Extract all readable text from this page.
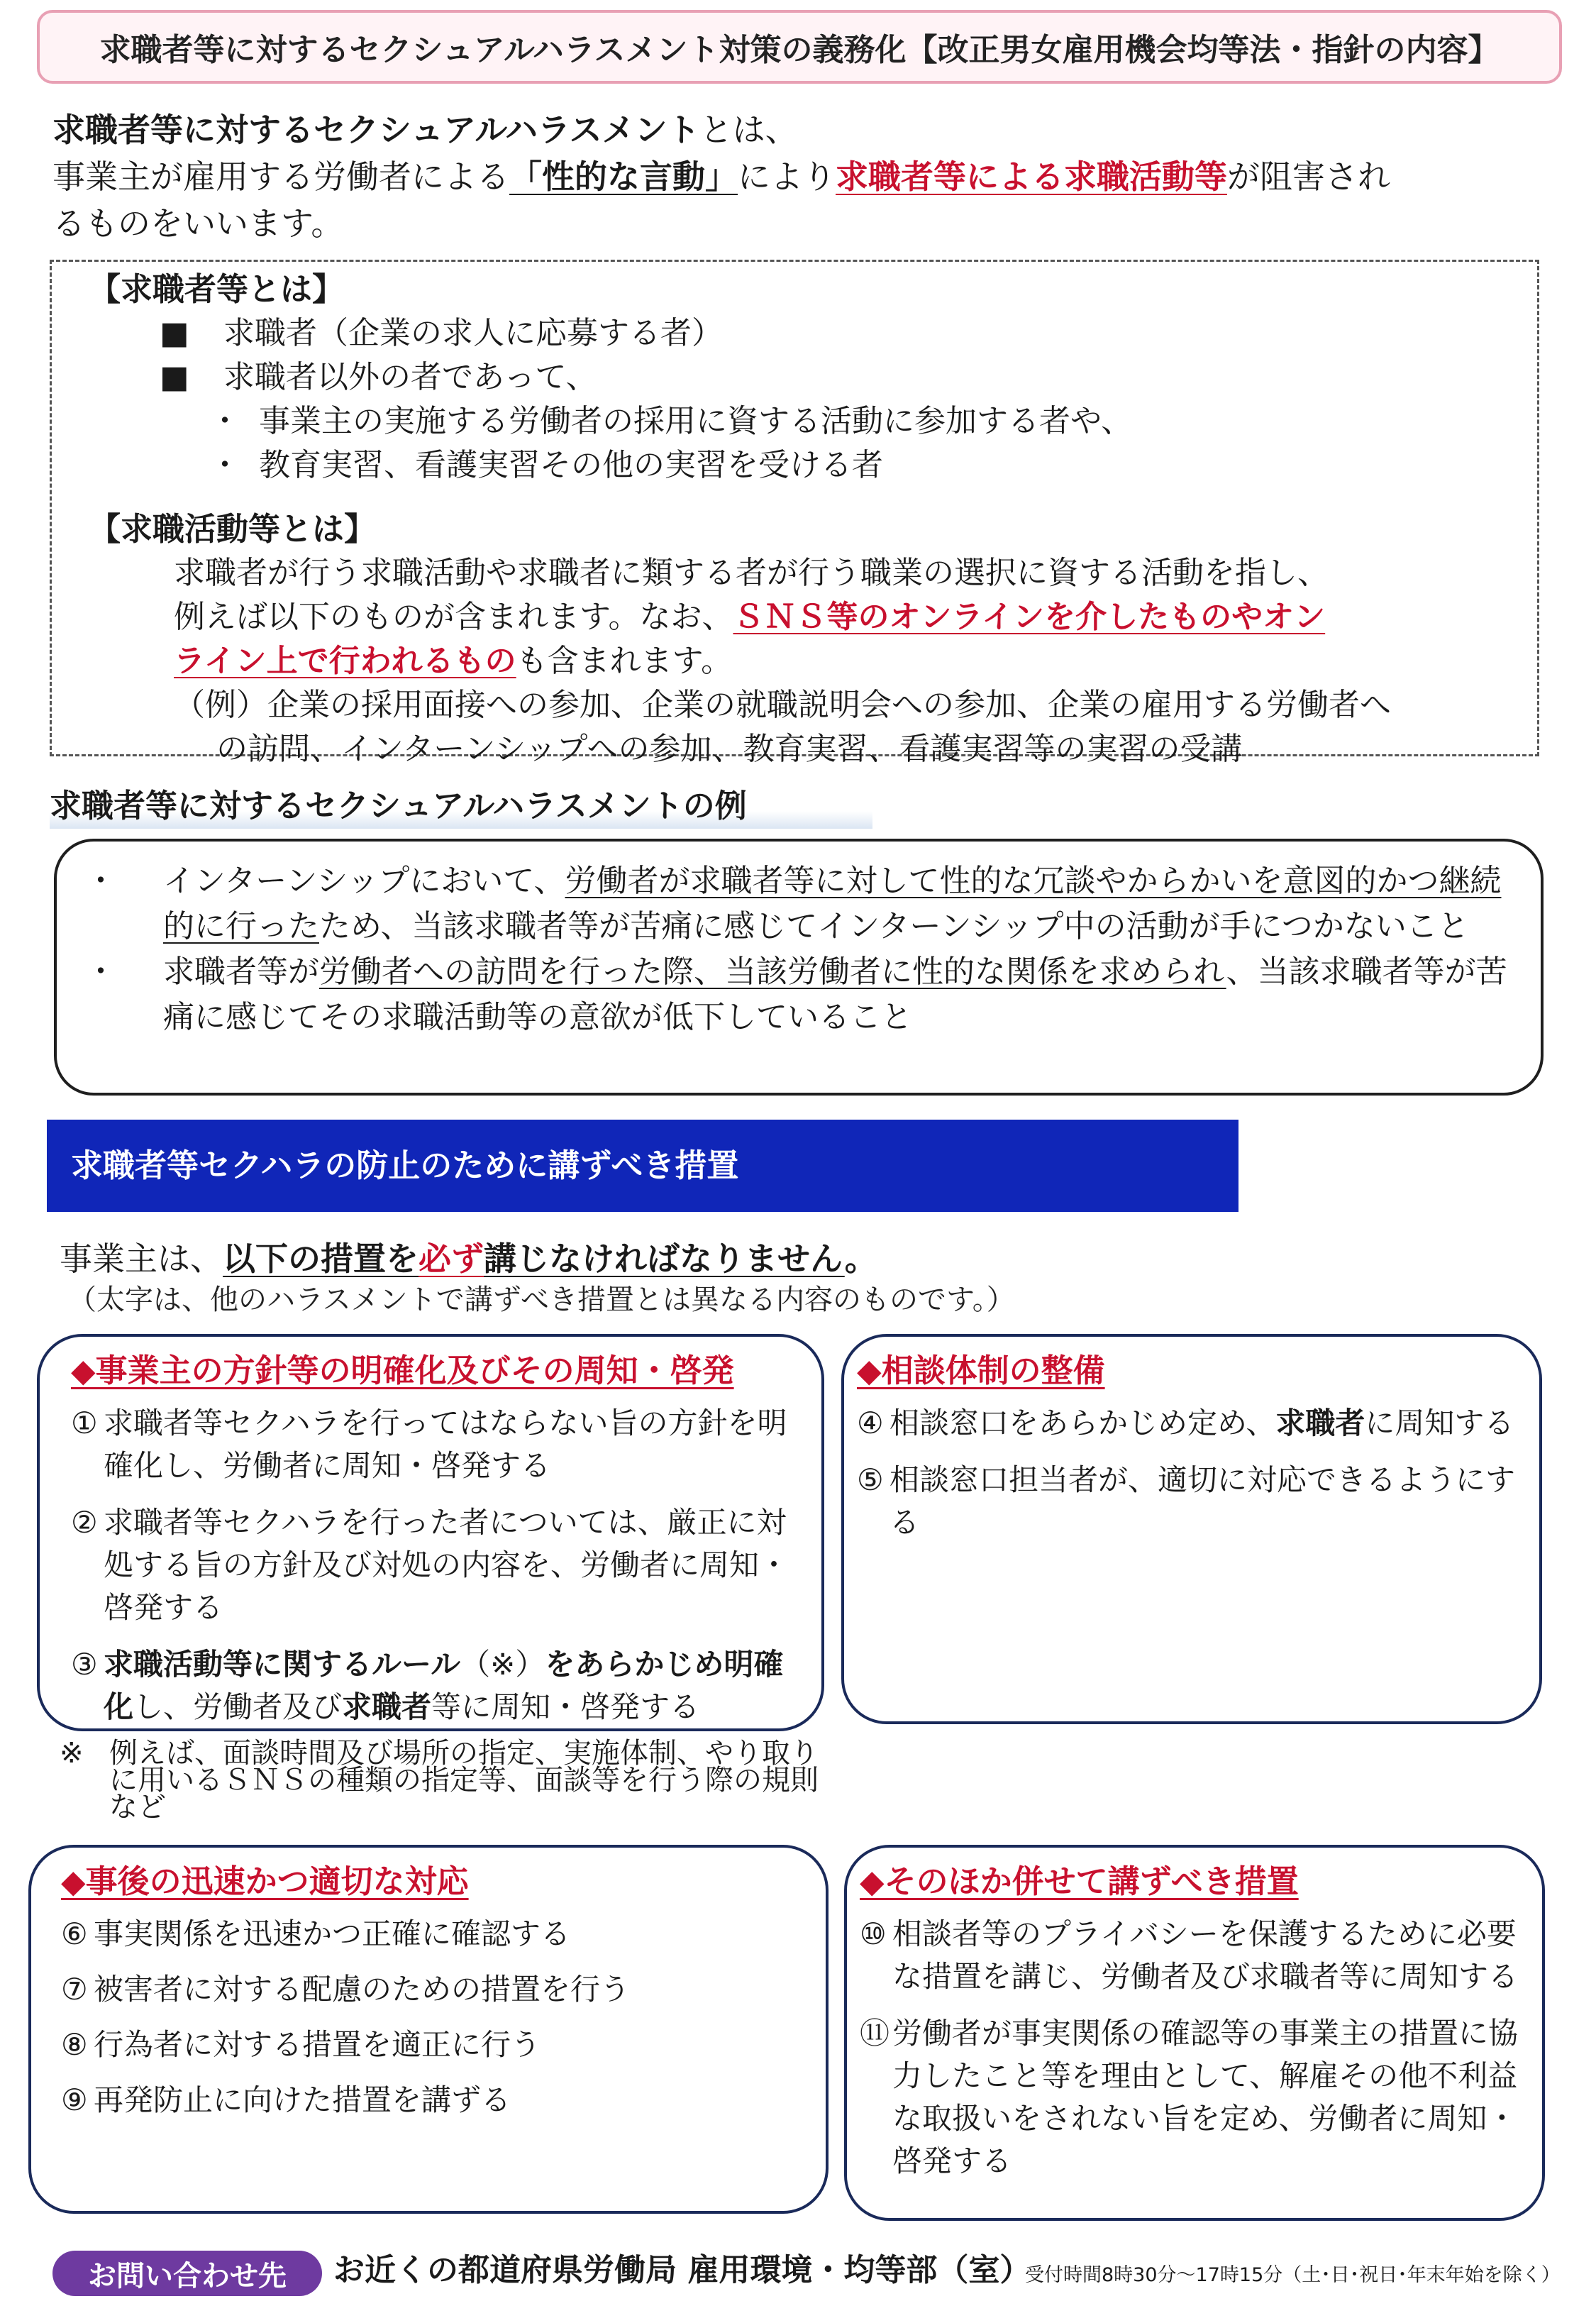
求職者等に対するセクシュアルハラスメント対策の義務化【改正男女雇用機会均等法・指針の内容】
求職者等に対するセクシュアルハラスメントとは、
事業主が雇用する労働者による「性的な言動」により求職者等による求職活動等が阻害され
るものをいいます。
【求職者等とは】
■ 求職者（企業の求人に応募する者）
■ 求職者以外の者であって、
・ 事業主の実施する労働者の採用に資する活動に参加する者や、
・ 教育実習、看護実習その他の実習を受ける者
【求職活動等とは】
求職者が行う求職活動や求職者に類する者が行う職業の選択に資する活動を指し、
例えば以下のものが含まれます。なお、ＳＮＳ等のオンラインを介したものやオン
ライン上で行われるものも含まれます。
（例）企業の採用面接への参加、企業の就職説明会への参加、企業の雇用する労働者へ
の訪問、インターンシップへの参加、教育実習、看護実習等の実習の受講
求職者等に対するセクシュアルハラスメントの例
・	インターンシップにおいて、労働者が求職者等に対して性的な冗談やからかいを意図的かつ継続的に行ったため、当該求職者等が苦痛に感じてインターンシップ中の活動が手につかないこと
・	求職者等が労働者への訪問を行った際、当該労働者に性的な関係を求められ、当該求職者等が苦痛に感じてその求職活動等の意欲が低下していること
求職者等セクハラの防止のために講ずべき措置
事業主は、以下の措置を必ず講じなければなりません。
（太字は、他のハラスメントで講ずべき措置とは異なる内容のものです。）
◆事業主の方針等の明確化及びその周知・啓発
① 求職者等セクハラを行ってはならない旨の方針を明確化し、労働者に周知・啓発する
② 求職者等セクハラを行った者については、厳正に対処する旨の方針及び対処の内容を、労働者に周知・啓発する
③ 求職活動等に関するルール（※）をあらかじめ明確化し、労働者及び求職者等に周知・啓発する
◆相談体制の整備
④ 相談窓口をあらかじめ定め、求職者に周知する
⑤ 相談窓口担当者が、適切に対応できるようにする
※ 例えば、面談時間及び場所の指定、実施体制、やり取りに用いるＳＮＳの種類の指定等、面談等を行う際の規則など
◆事後の迅速かつ適切な対応
⑥ 事実関係を迅速かつ正確に確認する
⑦ 被害者に対する配慮のための措置を行う
⑧ 行為者に対する措置を適正に行う
⑨ 再発防止に向けた措置を講ずる
◆そのほか併せて講ずべき措置
⑩ 相談者等のプライバシーを保護するために必要な措置を講じ、労働者及び求職者等に周知する
⑪ 労働者が事実関係の確認等の事業主の措置に協力したこと等を理由として、解雇その他不利益な取扱いをされない旨を定め、労働者に周知・啓発する
お問い合わせ先	お近くの都道府県労働局 雇用環境・均等部（室）
受付時間8時30分～17時15分（土･日･祝日･年末年始を除く）
